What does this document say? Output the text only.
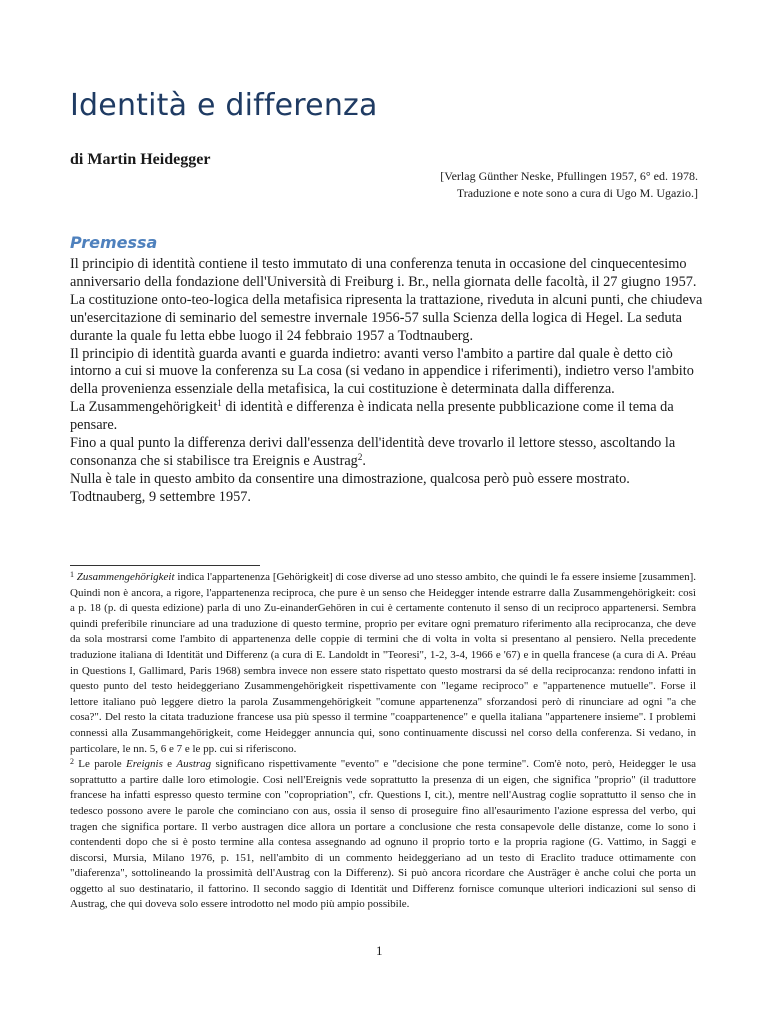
Identità e differenza

di Martin Heidegger

[Verlag Günther Neske, Pfullingen 1957, 6° ed. 1978.
Traduzione e note sono a cura di Ugo M. Ugazio.]
Premessa

Il principio di identità contiene il testo immutato di una conferenza tenuta in occasione del cinquecentesimo anniversario della fondazione dell'Università di Freiburg i. Br., nella giornata delle facoltà, il 27 giugno 1957.

La costituzione onto-teo-logica della metafisica ripresenta la trattazione, riveduta in alcuni punti, che chiudeva un'esercitazione di seminario del semestre invernale 1956-57 sulla Scienza della logica di Hegel. La seduta durante la quale fu letta ebbe luogo il 24 febbraio 1957 a Todtnauberg.

Il principio di identità guarda avanti e guarda indietro: avanti verso l'ambito a partire dal quale è detto ciò intorno a cui si muove la conferenza su La cosa (si vedano in appendice i riferimenti), indietro verso l'ambito della provenienza essenziale della metafisica, la cui costituzione è determinata dalla differenza.

La Zusammengehörigkeit$^1$ di identità e differenza è indicata nella presente pubblicazione come il tema da pensare.

Fino a qual punto la differenza derivi dall'essenza dell'identità deve trovarlo il lettore stesso, ascoltando la consonanza che si stabilisce tra Ereignis e Austrag$^2$.

Nulla è tale in questo ambito da consentire una dimostrazione, qualcosa però può essere mostrato.

Todtnauberg, 9 settembre 1957.

$^1$ Zusammengehörigkeit indica l'appartenenza [Gehörigkeit] di cose diverse ad uno stesso ambito, che quindi le fa essere insieme [zusammen]. Quindi non è ancora, a rigore, l'appartenenza reciproca, che pure è un senso che Heidegger intende estrarre dalla Zusammengehörigkeit: così a p. 18 (p. di questa edizione) parla di uno Zu-einanderGehören in cui è certamente contenuto il senso di un reciproco appartenersi. Sembra quindi preferibile rinunciare ad una traduzione di questo termine, proprio per evitare ogni prematuro riferimento alla reciprocanza, che deve da sola mostrarsi come l'ambito di appartenenza delle coppie di termini che di volta in volta si presentano al pensiero. Nella precedente traduzione italiana di Identität und Differenz (a cura di E. Landoldt in "Teoresi", 1-2, 3-4, 1966 e '67) e in quella francese (a cura di A. Préau in Questions I, Gallimard, Paris 1968) sembra invece non essere stato rispettato questo mostrarsi da sé della reciprocanza: rendono infatti in questo punto del testo heideggeriano Zusammengehörigkeit rispettivamente con "legame reciproco" e "appartenence mutuelle". Forse il lettore italiano può leggere dietro la parola Zusammengehörigkeit "comune appartenenza" sforzandosi però di rinunciare ad ogni "a che cosa?". Del resto la citata traduzione francese usa più spesso il termine "coappartenence" e quella italiana "appartenere insieme". I problemi connessi alla Zusammangehörigkeit, come Heidegger annuncia qui, sono continuamente discussi nel corso della conferenza. Si vedano, in particolare, le nn. 5, 6 e 7 e le pp. cui si riferiscono.

$^2$ Le parole Ereignis e Austrag significano rispettivamente "evento" e "decisione che pone termine". Com'è noto, però, Heidegger le usa soprattutto a partire dalle loro etimologie. Così nell'Ereignis vede soprattutto la presenza di un eigen, che significa "proprio" (il traduttore francese ha infatti espresso questo termine con "copropriation", cfr. Questions I, cit.), mentre nell'Austrag coglie soprattutto il senso che in tedesco possono avere le parole che cominciano con aus, ossia il senso di proseguire fino all'esaurimento l'azione espressa del verbo, qui tragen che significa portare. Il verbo austragen dice allora un portare a conclusione che resta consapevole delle distanze, come lo sono i contendenti dopo che si è posto termine alla contesa assegnando ad ognuno il proprio torto e la propria ragione (G. Vattimo, in Saggi e discorsi, Mursia, Milano 1976, p. 151, nell'ambito di un commento heideggeriano ad un testo di Eraclito traduce ottimamente con "diaferenza", sottolineando la prossimità dell'Austrag con la Differenz). Si può ancora ricordare che Austräger è anche colui che porta un oggetto al suo destinatario, il fattorino. Il secondo saggio di Identität und Differenz fornisce comunque ulteriori indicazioni sul senso di Austrag, che qui doveva solo essere introdotto nel modo più ampio possibile.

1
